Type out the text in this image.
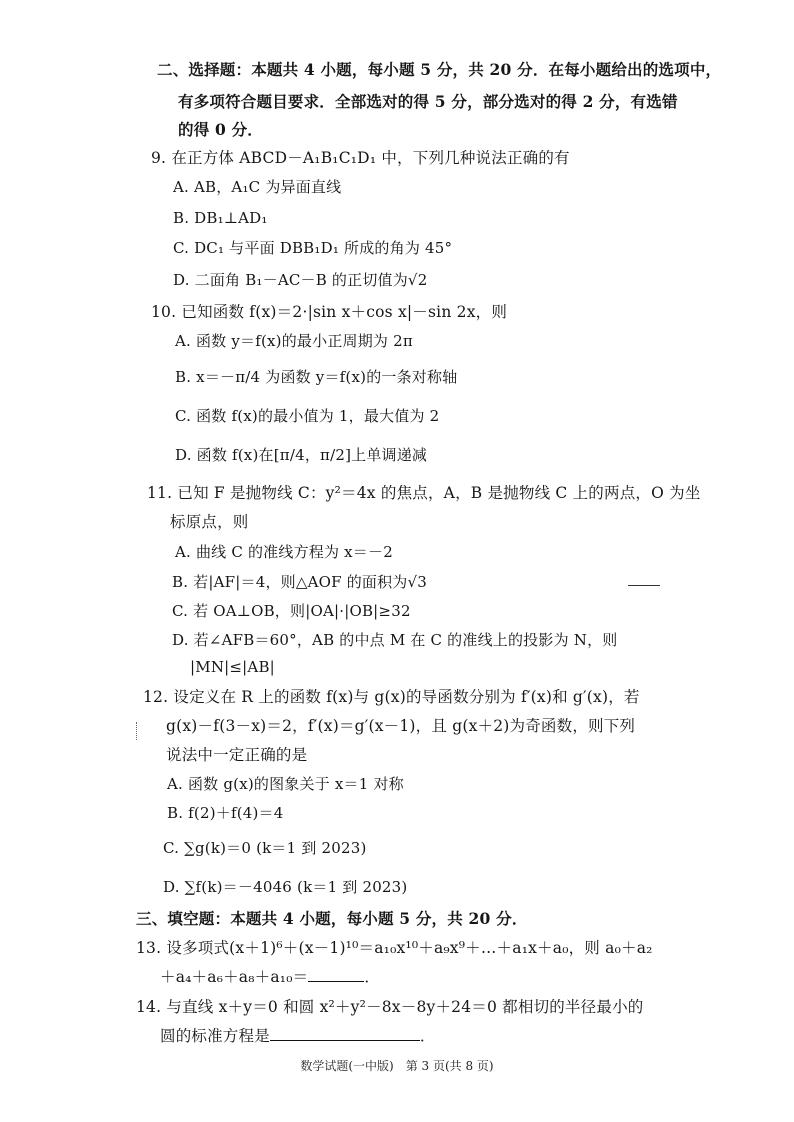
二、选择题：本题共 4 小题，每小题 5 分，共 20 分．在每小题给出的选项中，
有多项符合题目要求．全部选对的得 5 分，部分选对的得 2 分，有选错
的得 0 分．
9. 在正方体 ABCD－A₁B₁C₁D₁ 中，下列几种说法正确的有
A. AB，A₁C 为异面直线
B. DB₁⊥AD₁
C. DC₁ 与平面 DBB₁D₁ 所成的角为 45°
D. 二面角 B₁－AC－B 的正切值为√2
10. 已知函数 f(x)＝2·|sin x＋cos x|－sin 2x，则
A. 函数 y＝f(x)的最小正周期为 2π
B. x＝－π/4 为函数 y＝f(x)的一条对称轴
C. 函数 f(x)的最小值为 1，最大值为 2
D. 函数 f(x)在[π/4，π/2]上单调递减
11. 已知 F 是抛物线 C：y²＝4x 的焦点，A，B 是抛物线 C 上的两点，O 为坐
标原点，则
A. 曲线 C 的准线方程为 x＝－2
B. 若|AF|＝4，则△AOF 的面积为√3
C. 若 OA⊥OB，则|OA|·|OB|≥32
D. 若∠AFB＝60°，AB 的中点 M 在 C 的准线上的投影为 N，则
|MN|≤|AB|
12. 设定义在 R 上的函数 f(x)与 g(x)的导函数分别为 f′(x)和 g′(x)，若
g(x)－f(3－x)＝2，f′(x)＝g′(x－1)，且 g(x＋2)为奇函数，则下列
说法中一定正确的是
A. 函数 g(x)的图象关于 x＝1 对称
B. f(2)＋f(4)＝4
C. ∑g(k)＝0 (k＝1 到 2023)
D. ∑f(k)＝－4046 (k＝1 到 2023)
三、填空题：本题共 4 小题，每小题 5 分，共 20 分．
13. 设多项式(x＋1)⁶＋(x－1)¹⁰＝a₁₀x¹⁰＋a₉x⁹＋…＋a₁x＋a₀，则 a₀＋a₂
＋a₄＋a₆＋a₈＋a₁₀＝	．
14. 与直线 x＋y＝0 和圆 x²＋y²－8x－8y＋24＝0 都相切的半径最小的
圆的标准方程是	．
数学试题(一中版)　第 3 页(共 8 页)
